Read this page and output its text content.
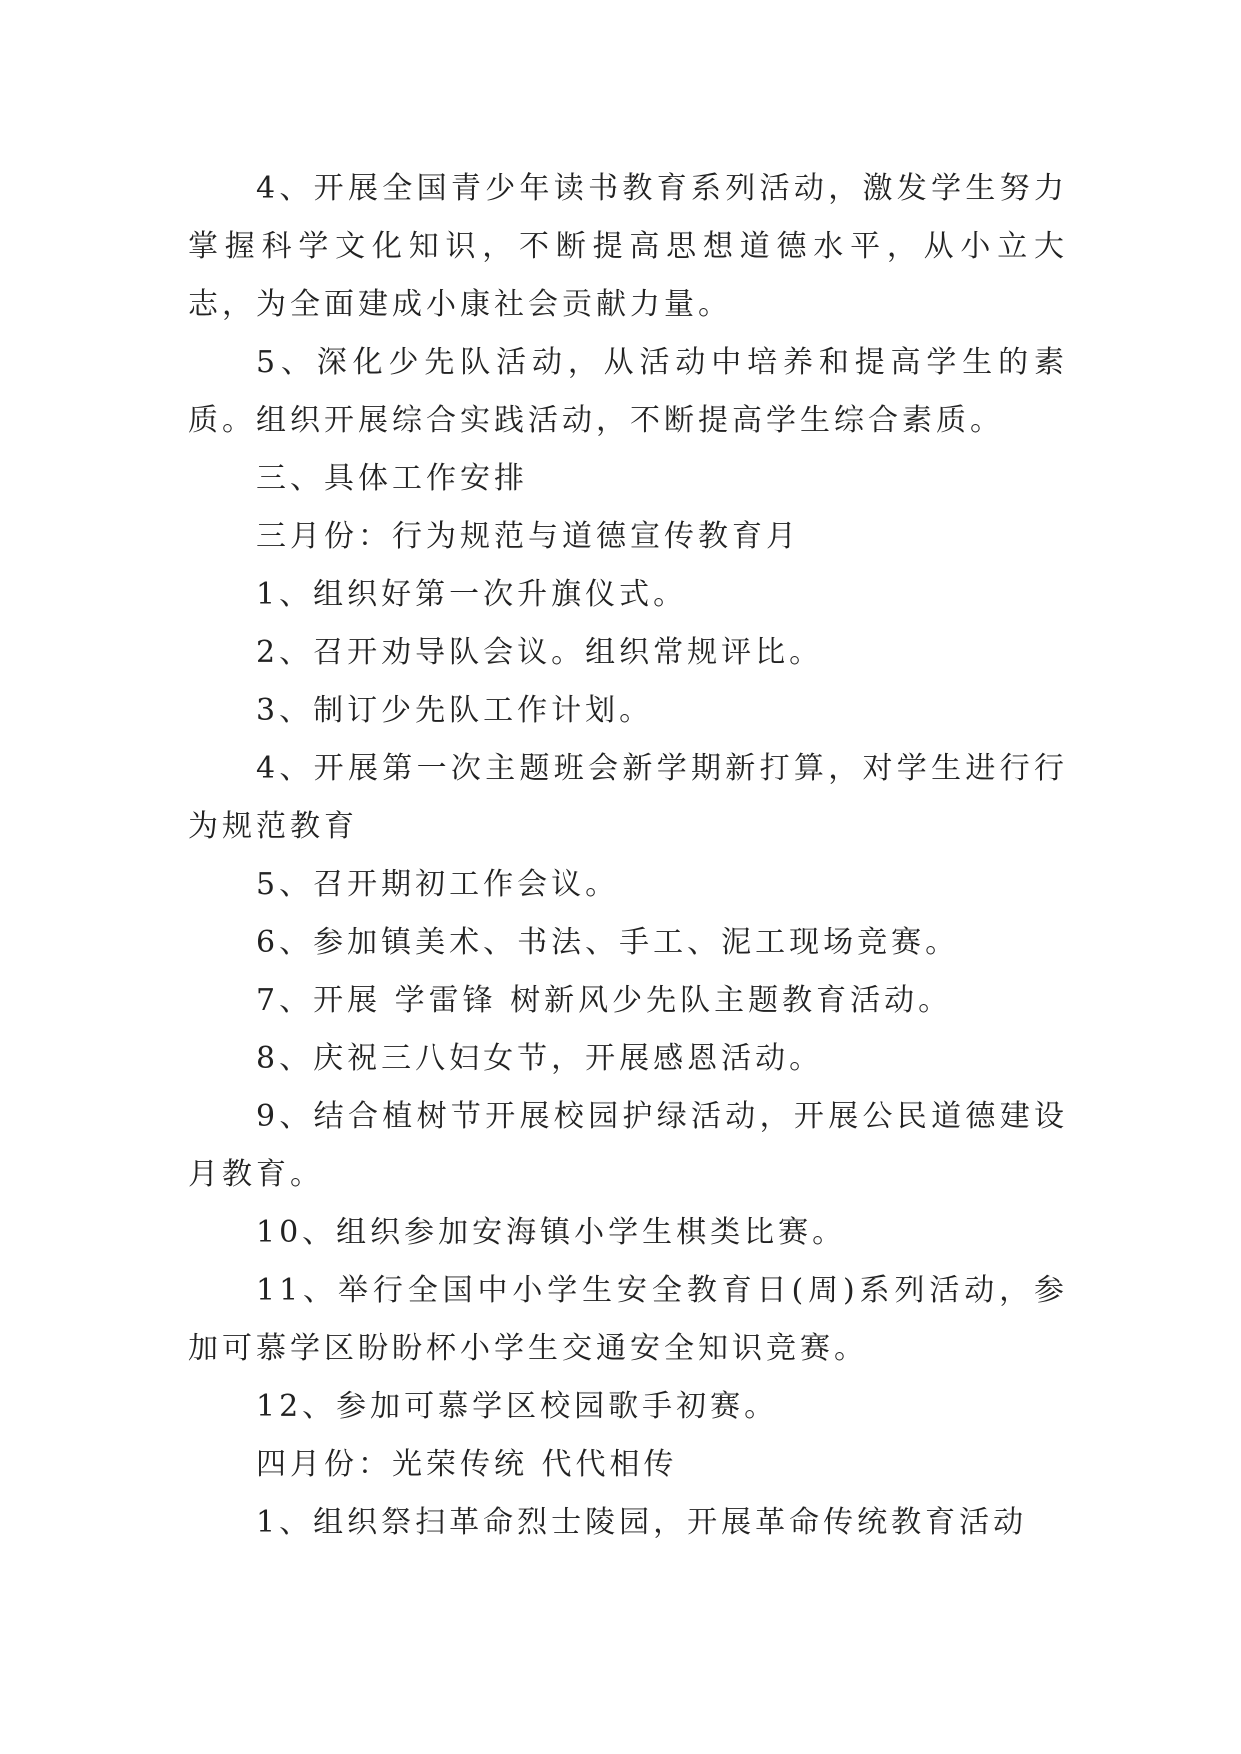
4、开展全国青少年读书教育系列活动，激发学生努力掌握科学文化知识，不断提高思想道德水平，从小立大志，为全面建成小康社会贡献力量。

5、深化少先队活动，从活动中培养和提高学生的素质。组织开展综合实践活动，不断提高学生综合素质。

三、具体工作安排

三月份：行为规范与道德宣传教育月

1、组织好第一次升旗仪式。

2、召开劝导队会议。组织常规评比。

3、制订少先队工作计划。

4、开展第一次主题班会新学期新打算，对学生进行行为规范教育

5、召开期初工作会议。

6、参加镇美术、书法、手工、泥工现场竞赛。

7、开展 学雷锋 树新风少先队主题教育活动。

8、庆祝三八妇女节，开展感恩活动。

9、结合植树节开展校园护绿活动，开展公民道德建设月教育。

10、组织参加安海镇小学生棋类比赛。

11、举行全国中小学生安全教育日(周)系列活动，参加可慕学区盼盼杯小学生交通安全知识竞赛。

12、参加可慕学区校园歌手初赛。

四月份：光荣传统 代代相传

1、组织祭扫革命烈士陵园，开展革命传统教育活动
